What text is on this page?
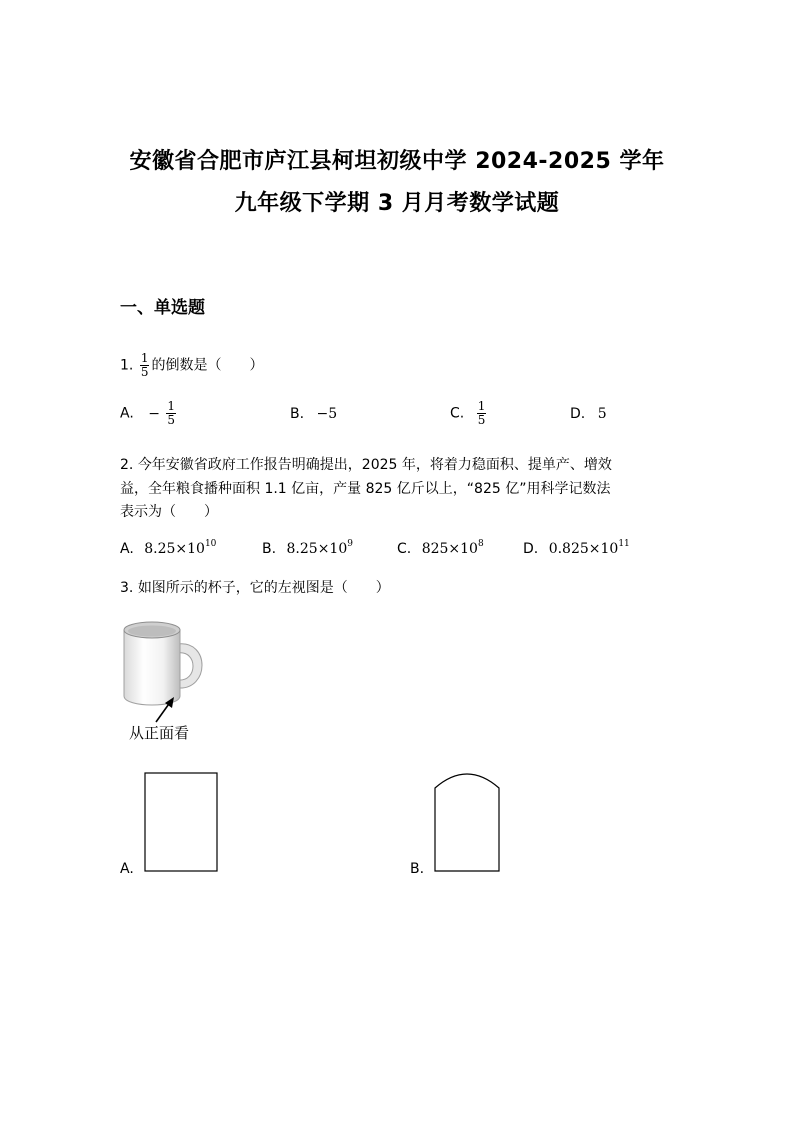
安徽省合肥市庐江县柯坦初级中学 2024-2025 学年
九年级下学期 3 月月考数学试题
一、单选题
1. $\frac{1}{5}$ 的倒数是（　　）
A. − $\frac{1}{5}$	B. −5	C. $\frac{1}{5}$	D. 5
2. 今年安徽省政府工作报告明确提出，2025 年，将着力稳面积、提单产、增效
益，全年粮食播种面积 1.1 亿亩，产量 825 亿斤以上，“825 亿”用科学记数法
表示为（　　）
A. $8.25\times 10^{10}$	B. $8.25\times 10^9$	C. $825\times 10^8$	D. $0.825\times 10^{11}$
3. 如图所示的杯子，它的左视图是（　　）
从正面看
A.	B.
